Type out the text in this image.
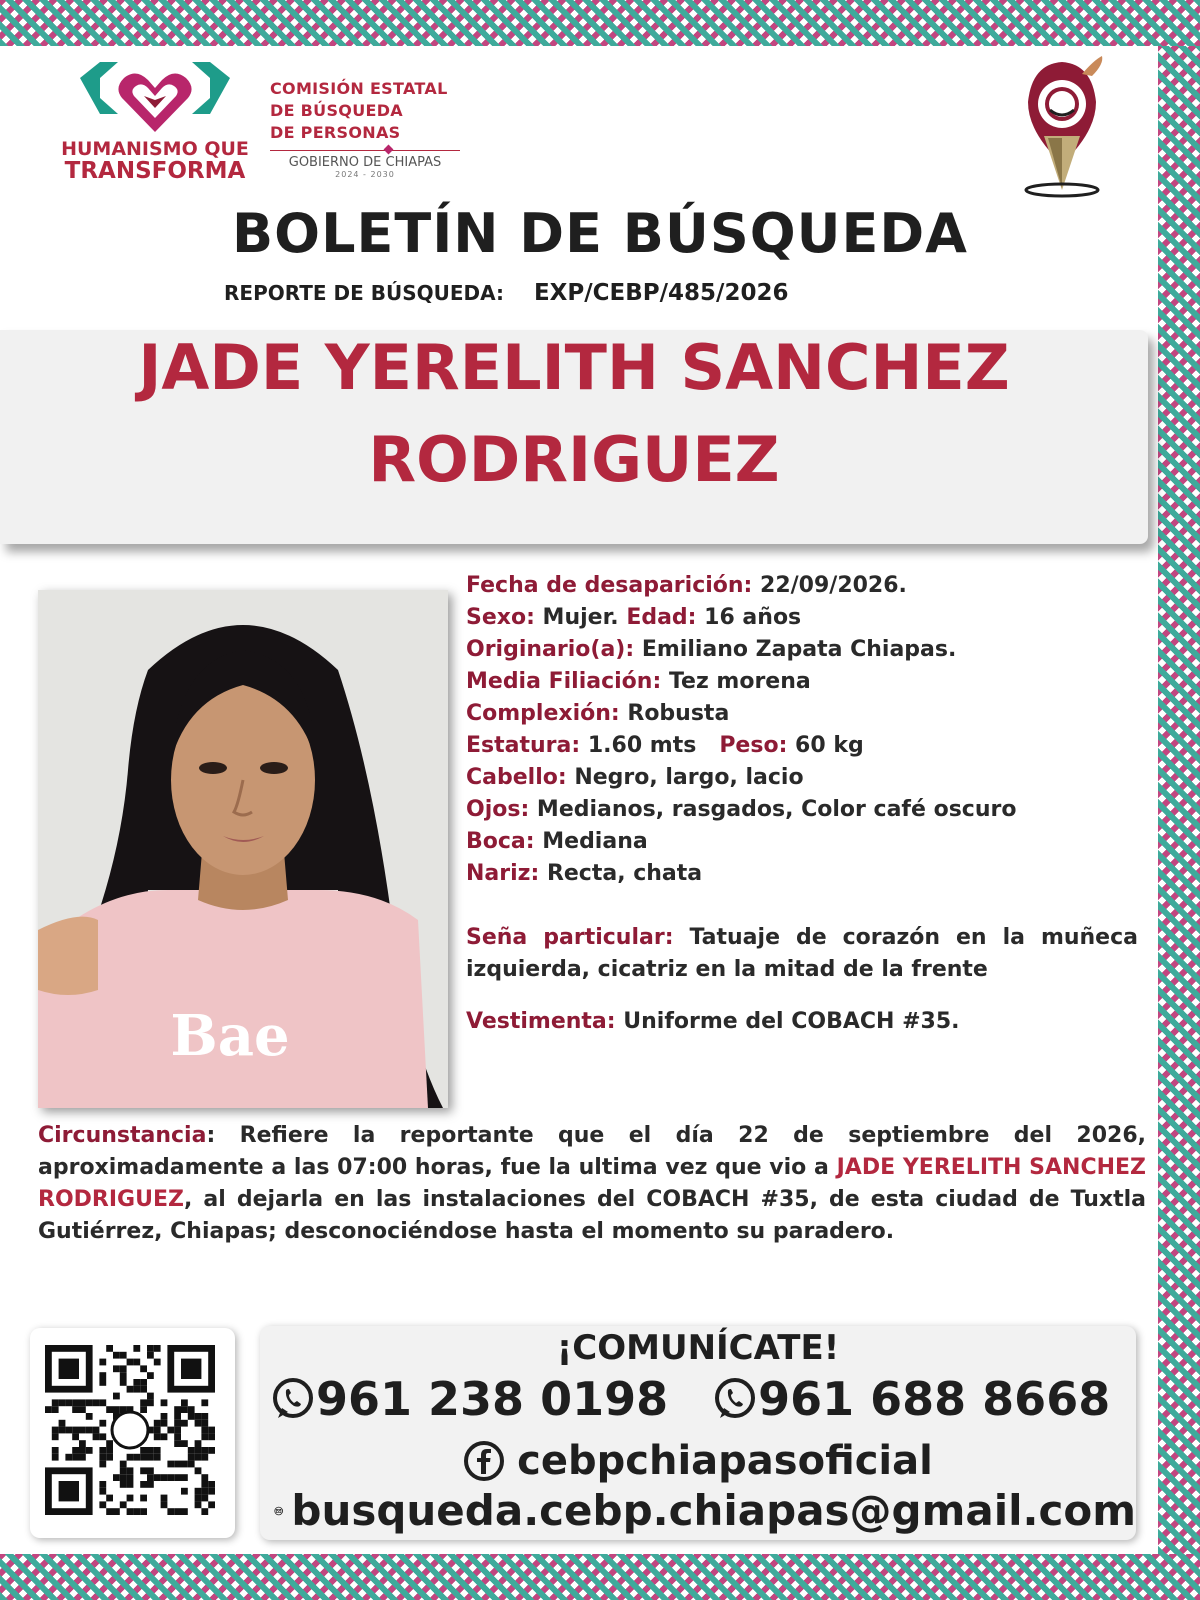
HUMANISMO QUE
TRANSFORMA
COMISIÓN ESTATAL
DE BÚSQUEDA
DE PERSONAS
GOBIERNO DE CHIAPAS
2024 - 2030
BOLETÍN DE BÚSQUEDA
REPORTE DE BÚSQUEDA: EXP/CEBP/485/2026
JADE YERELITH SANCHEZ
RODRIGUEZ
Bae
Fecha de desaparición: 22/09/2026.
Sexo: Mujer. Edad: 16 años
Originario(a): Emiliano Zapata Chiapas.
Media Filiación: Tez morena
Complexión: Robusta
Estatura: 1.60 mts Peso: 60 kg
Cabello: Negro, largo, lacio
Ojos: Medianos, rasgados, Color café oscuro
Boca: Mediana
Nariz: Recta, chata
Seña particular: Tatuaje de corazón en la muñeca izquierda, cicatriz en la mitad de la frente
Vestimenta: Uniforme del COBACH #35.
Circunstancia: Refiere la reportante que el día 22 de septiembre del 2026, aproximadamente a las 07:00 horas, fue la ultima vez que vio a JADE YERELITH SANCHEZ RODRIGUEZ, al dejarla en las instalaciones del COBACH #35, de esta ciudad de Tuxtla Gutiérrez, Chiapas; desconociéndose hasta el momento su paradero.
¡COMUNÍCATE!
961 238 0198 961 688 8668
cebpchiapasoficial
busqueda.cebp.chiapas@gmail.com
